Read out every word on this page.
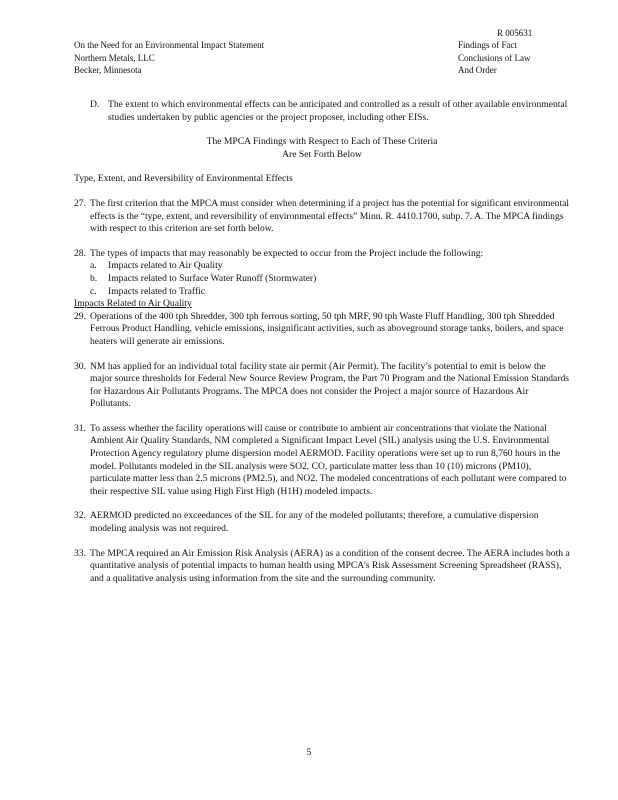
R 005631
On the Need for an Environmental Impact Statement
Northern Metals, LLC
Becker, Minnesota
Findings of Fact
Conclusions of Law
And Order
D. The extent to which environmental effects can be anticipated and controlled as a result of other available environmental studies undertaken by public agencies or the project proposer, including other EISs.
The MPCA Findings with Respect to Each of These Criteria
Are Set Forth Below
Type, Extent, and Reversibility of Environmental Effects
27. The first criterion that the MPCA must consider when determining if a project has the potential for significant environmental effects is the “type, extent, and reversibility of environmental effects” Minn. R. 4410.1700, subp. 7. A. The MPCA findings with respect to this criterion are set forth below.
28. The types of impacts that may reasonably be expected to occur from the Project include the following:
a. Impacts related to Air Quality
b. Impacts related to Surface Water Runoff (Stormwater)
c. Impacts related to Traffic
Impacts Related to Air Quality
29. Operations of the 400 tph Shredder, 300 tph ferrous sorting, 50 tph MRF, 90 tph Waste Fluff Handling, 300 tph Shredded Ferrous Product Handling, vehicle emissions, insignificant activities, such as aboveground storage tanks, boilers, and space heaters will generate air emissions.
30. NM has applied for an individual total facility state air permit (Air Permit). The facility’s potential to emit is below the major source thresholds for Federal New Source Review Program, the Part 70 Program and the National Emission Standards for Hazardous Air Pollutants Programs. The MPCA does not consider the Project a major source of Hazardous Air Pollutants.
31. To assess whether the facility operations will cause or contribute to ambient air concentrations that violate the National Ambient Air Quality Standards, NM completed a Significant Impact Level (SIL) analysis using the U.S. Environmental Protection Agency regulatory plume dispersion model AERMOD. Facility operations were set up to run 8,760 hours in the model. Pollutants modeled in the SIL analysis were SO2, CO, particulate matter less than 10 (10) microns (PM10), particulate matter less than 2.5 microns (PM2.5), and NO2. The modeled concentrations of each pollutant were compared to their respective SIL value using High First High (H1H) modeled impacts.
32. AERMOD predicted no exceedances of the SIL for any of the modeled pollutants; therefore, a cumulative dispersion modeling analysis was not required.
33. The MPCA required an Air Emission Risk Analysis (AERA) as a condition of the consent decree. The AERA includes both a quantitative analysis of potential impacts to human health using MPCA’s Risk Assessment Screening Spreadsheet (RASS), and a qualitative analysis using information from the site and the surrounding community.
5
